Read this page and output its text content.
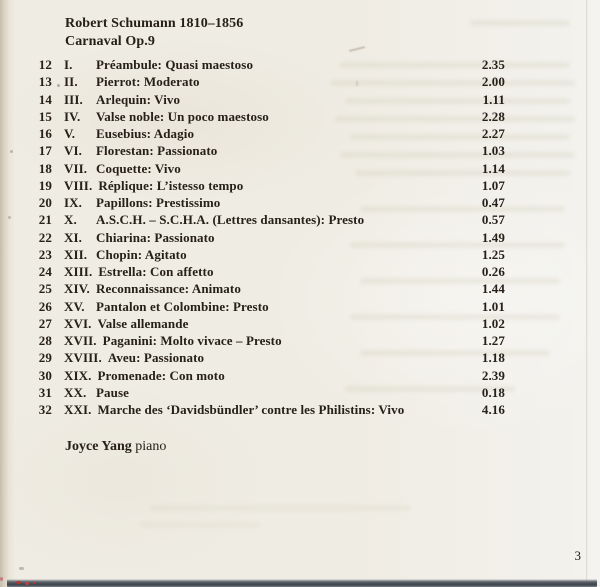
Robert Schumann 1810–1856
Carnaval Op.9
12 I.	Préambule: Quasi maestoso	2.35
13 II.	Pierrot: Moderato	2.00
14 III.	Arlequin: Vivo	1.11
15 IV.	Valse noble: Un poco maestoso	2.28
16 V.	Eusebius: Adagio	2.27
17 VI.	Florestan: Passionato	1.03
18 VII. Coquette: Vivo	1.14
19 VIII. Réplique: L’istesso tempo	1.07
20 IX.	Papillons: Prestissimo	0.47
21 X.	A.S.C.H. – S.C.H.A. (Lettres dansantes): Presto	0.57
22 XI.	Chiarina: Passionato	1.49
23 XII. Chopin: Agitato	1.25
24 XIII. Estrella: Con affetto	0.26
25 XIV. Reconnaissance: Animato	1.44
26 XV. Pantalon et Colombine: Presto	1.01
27 XVI. Valse allemande	1.02
28 XVII. Paganini: Molto vivace – Presto	1.27
29 XVIII. Aveu: Passionato	1.18
30 XIX. Promenade: Con moto	2.39
31 XX. Pause	0.18
32 XXI. Marche des ‘Davidsbündler’ contre les Philistins: Vivo	4.16
Joyce Yang piano
3
